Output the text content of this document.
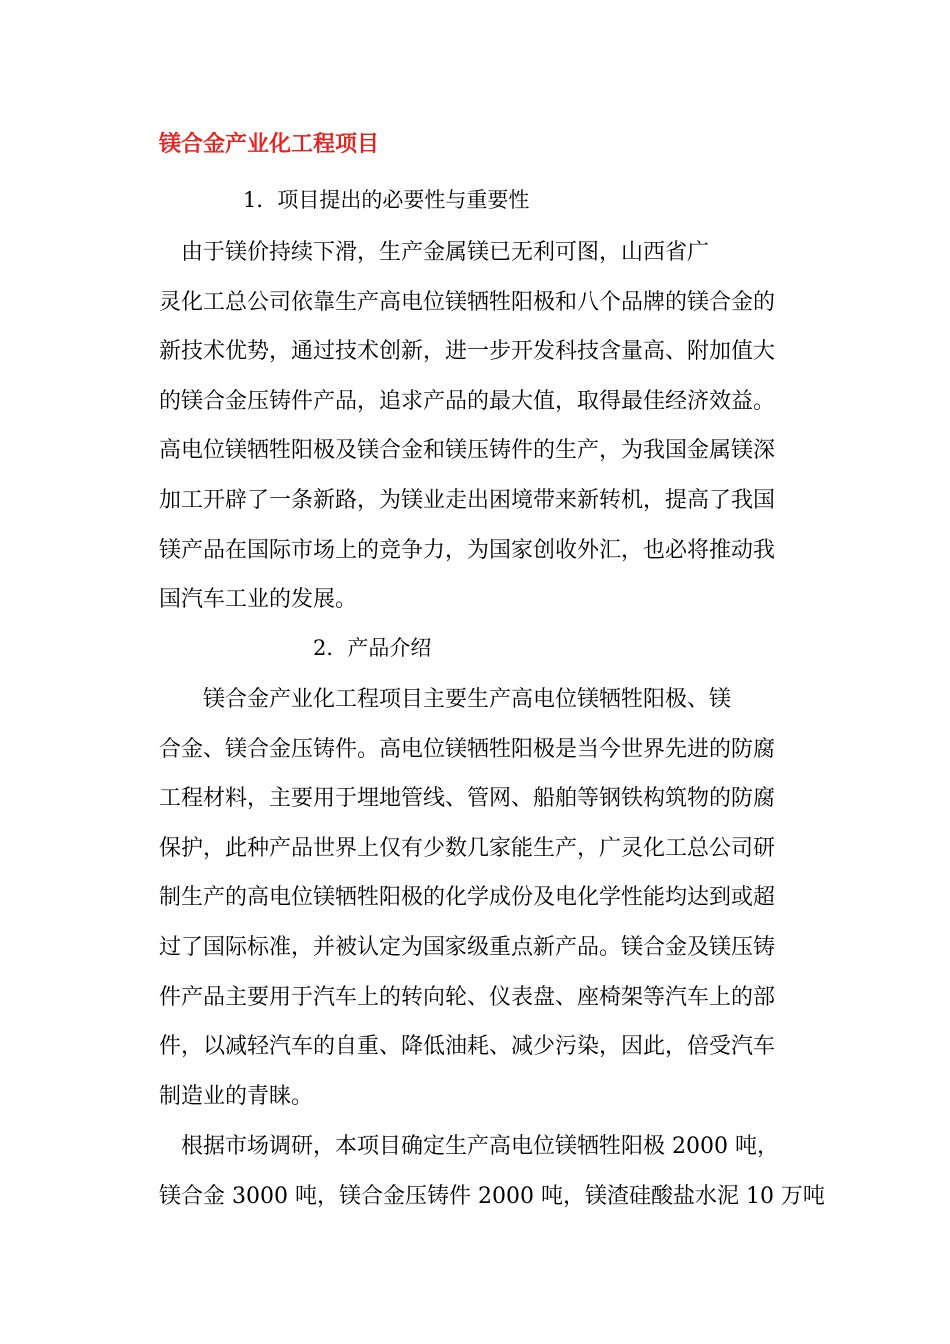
镁合金产业化工程项目
1．项目提出的必要性与重要性
　由于镁价持续下滑，生产金属镁已无利可图，山西省广
灵化工总公司依靠生产高电位镁牺牲阳极和八个品牌的镁合金的
新技术优势，通过技术创新，进一步开发科技含量高、附加值大
的镁合金压铸件产品，追求产品的最大值，取得最佳经济效益。
高电位镁牺牲阳极及镁合金和镁压铸件的生产，为我国金属镁深
加工开辟了一条新路，为镁业走出困境带来新转机，提高了我国
镁产品在国际市场上的竞争力，为国家创收外汇，也必将推动我
国汽车工业的发展。
2．产品介绍
　　镁合金产业化工程项目主要生产高电位镁牺牲阳极、镁
合金、镁合金压铸件。高电位镁牺牲阳极是当今世界先进的防腐
工程材料，主要用于埋地管线、管网、船舶等钢铁构筑物的防腐
保护，此种产品世界上仅有少数几家能生产，广灵化工总公司研
制生产的高电位镁牺牲阳极的化学成份及电化学性能均达到或超
过了国际标准，并被认定为国家级重点新产品。镁合金及镁压铸
件产品主要用于汽车上的转向轮、仪表盘、座椅架等汽车上的部
件，以减轻汽车的自重、降低油耗、减少污染，因此，倍受汽车
制造业的青睐。
　根据市场调研，本项目确定生产高电位镁牺牲阳极 2000 吨，
镁合金 3000 吨，镁合金压铸件 2000 吨，镁渣硅酸盐水泥 10 万吨
